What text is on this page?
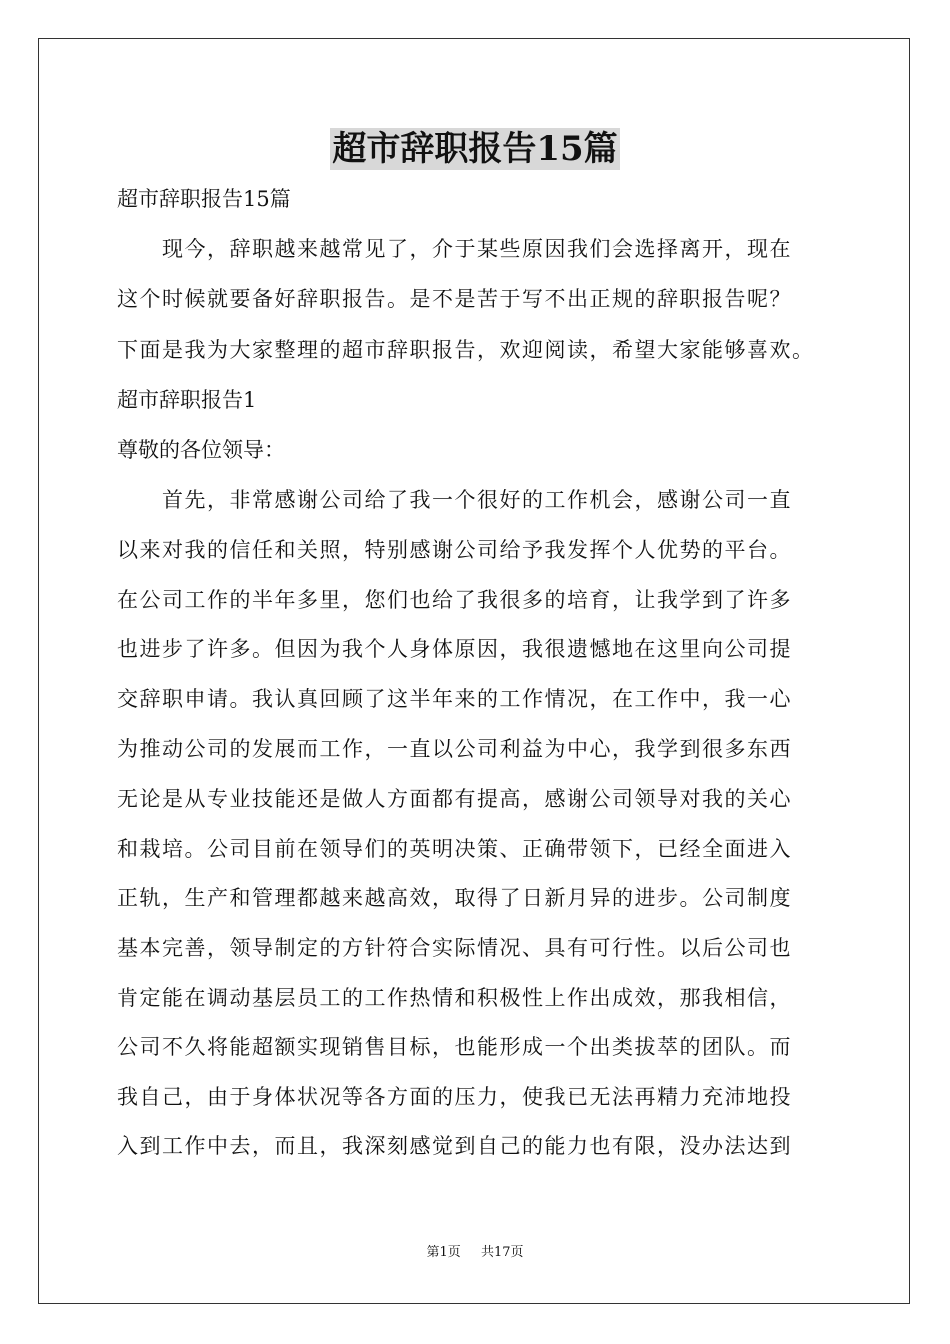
超市辞职报告15篇
超市辞职报告15篇
　　现今，辞职越来越常见了，介于某些原因我们会选择离开，现在
这个时候就要备好辞职报告。是不是苦于写不出正规的辞职报告呢？
下面是我为大家整理的超市辞职报告，欢迎阅读，希望大家能够喜欢。
超市辞职报告1
尊敬的各位领导：
　　首先，非常感谢公司给了我一个很好的工作机会，感谢公司一直
以来对我的信任和关照，特别感谢公司给予我发挥个人优势的平台。
在公司工作的半年多里，您们也给了我很多的培育，让我学到了许多
也进步了许多。但因为我个人身体原因，我很遗憾地在这里向公司提
交辞职申请。我认真回顾了这半年来的工作情况，在工作中，我一心
为推动公司的发展而工作，一直以公司利益为中心，我学到很多东西
无论是从专业技能还是做人方面都有提高，感谢公司领导对我的关心
和栽培。公司目前在领导们的英明决策、正确带领下，已经全面进入
正轨，生产和管理都越来越高效，取得了日新月异的进步。公司制度
基本完善，领导制定的方针符合实际情况、具有可行性。以后公司也
肯定能在调动基层员工的工作热情和积极性上作出成效，那我相信，
公司不久将能超额实现销售目标，也能形成一个出类拔萃的团队。而
我自己，由于身体状况等各方面的压力，使我已无法再精力充沛地投
入到工作中去，而且，我深刻感觉到自己的能力也有限，没办法达到
第1页 共17页
